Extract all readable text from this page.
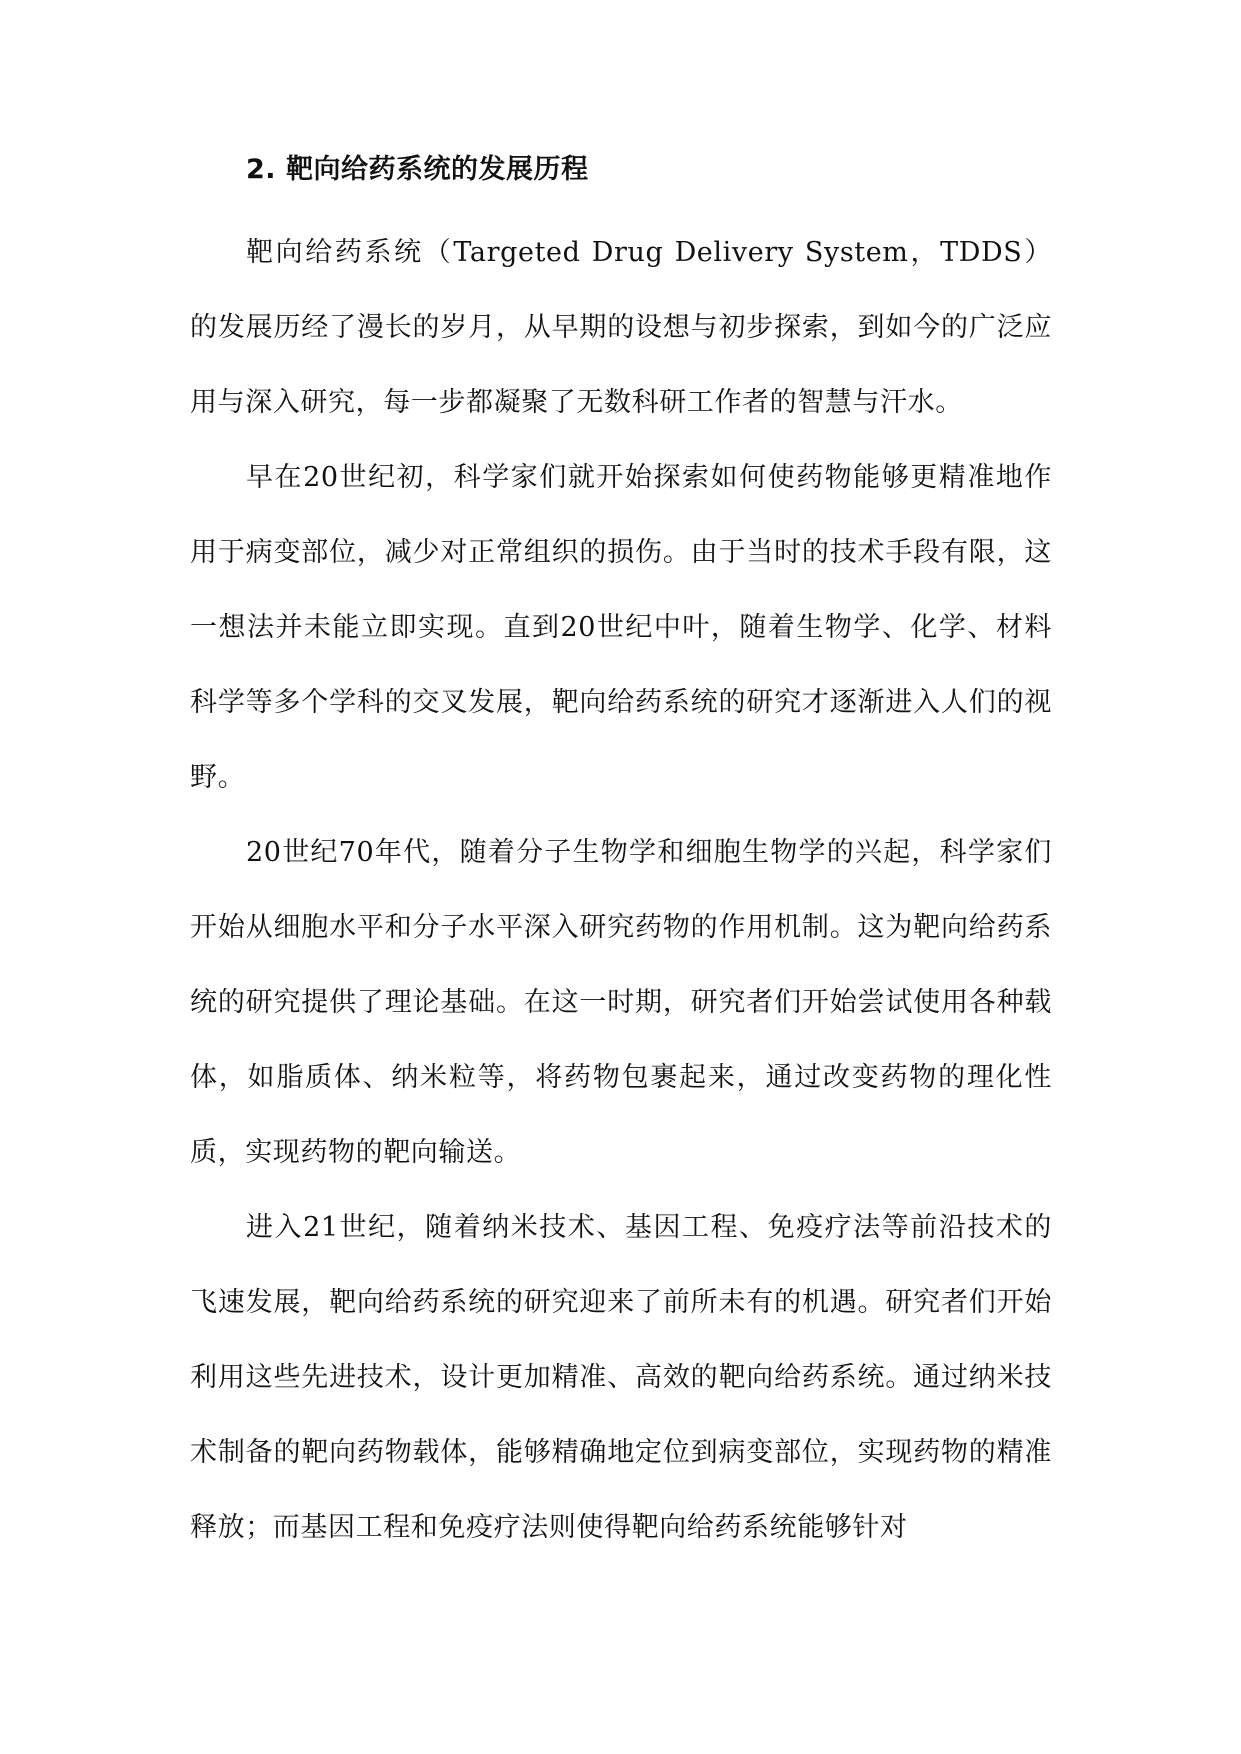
2. 靶向给药系统的发展历程

靶向给药系统（Targeted Drug Delivery System，TDDS）的发展历经了漫长的岁月，从早期的设想与初步探索，到如今的广泛应用与深入研究，每一步都凝聚了无数科研工作者的智慧与汗水。

早在20世纪初，科学家们就开始探索如何使药物能够更精准地作用于病变部位，减少对正常组织的损伤。由于当时的技术手段有限，这一想法并未能立即实现。直到20世纪中叶，随着生物学、化学、材料科学等多个学科的交叉发展，靶向给药系统的研究才逐渐进入人们的视野。

20世纪70年代，随着分子生物学和细胞生物学的兴起，科学家们开始从细胞水平和分子水平深入研究药物的作用机制。这为靶向给药系统的研究提供了理论基础。在这一时期，研究者们开始尝试使用各种载体，如脂质体、纳米粒等，将药物包裹起来，通过改变药物的理化性质，实现药物的靶向输送。

进入21世纪，随着纳米技术、基因工程、免疫疗法等前沿技术的飞速发展，靶向给药系统的研究迎来了前所未有的机遇。研究者们开始利用这些先进技术，设计更加精准、高效的靶向给药系统。通过纳米技术制备的靶向药物载体，能够精确地定位到病变部位，实现药物的精准释放；而基因工程和免疫疗法则使得靶向给药系统能够针对
